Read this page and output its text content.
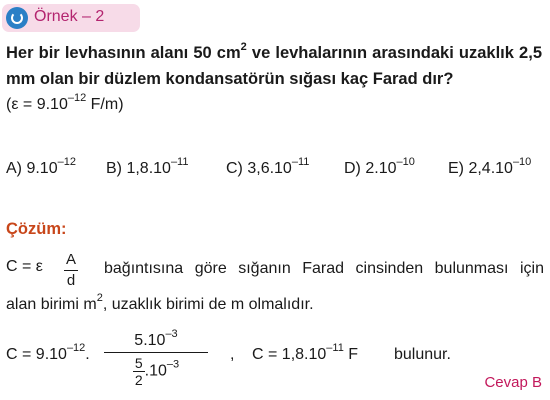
Örnek – 2
Her bir levhasının alanı 50 $cm^2$ ve levhalarının arasındaki uzaklık 2,5 mm olan bir düzlem kondansatörün sığası kaç Farad dır?
($\varepsilon = 9.10^{-12}$ F/m)
A) $9.10^{-12}$ B) $1,8.10^{-11}$ C) $3,6.10^{-11}$ D) $2.10^{-10}$ E) $2,4.10^{-10}$
Çözüm:
C = ε $\frac{A}{d}$ bağıntısına göre sığanın Farad cinsinden bulunması için
alan birimi $m^2$, uzaklık birimi de m olmalıdır.
$C = 9.10^{-12}$. $\frac{5.10^{-3}}{\frac{5}{2} .10^{-3}}$ , $C = 1,8.10^{-11}$ F bulunur.
Cevap B
